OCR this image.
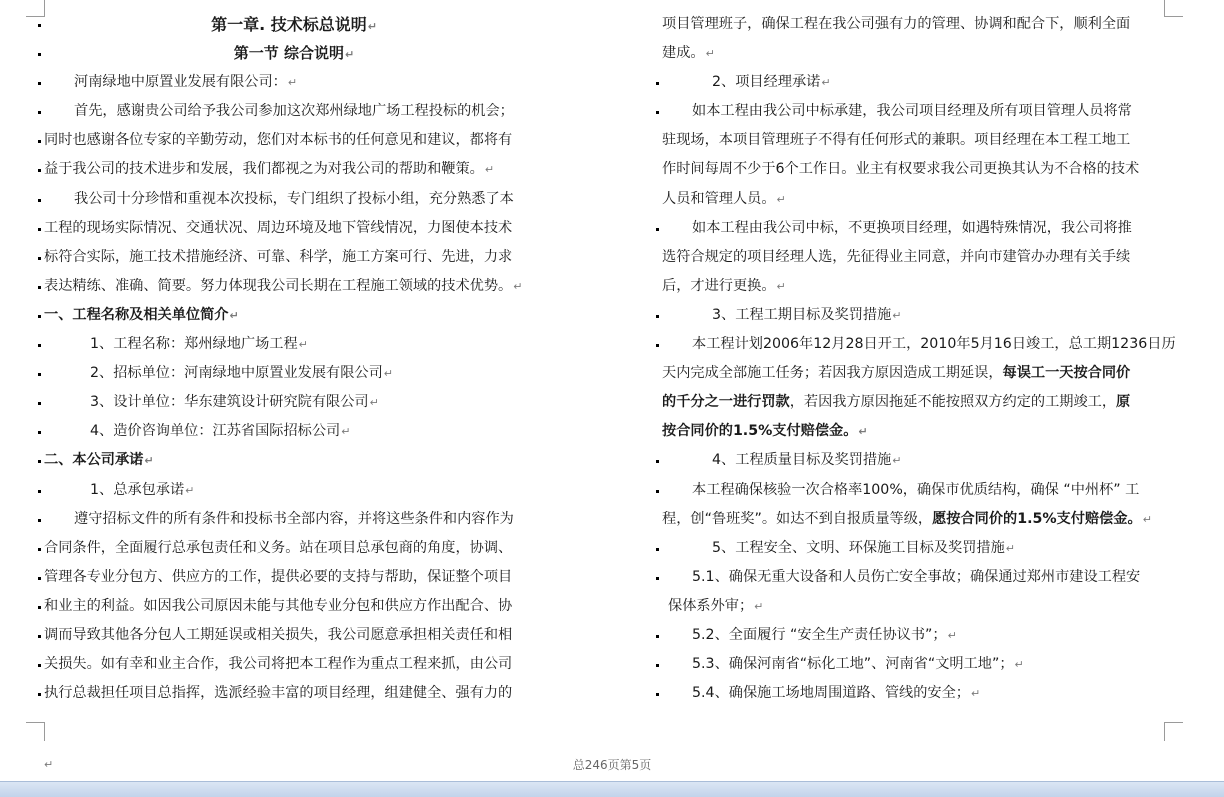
第一章. 技术标总说明↵
第一节 综合说明↵
河南绿地中原置业发展有限公司：↵
首先，感谢贵公司给予我公司参加这次郑州绿地广场工程投标的机会；
同时也感谢各位专家的辛勤劳动，您们对本标书的任何意见和建议，都将有
益于我公司的技术进步和发展，我们都视之为对我公司的帮助和鞭策。↵
我公司十分珍惜和重视本次投标，专门组织了投标小组，充分熟悉了本
工程的现场实际情况、交通状况、周边环境及地下管线情况，力图使本技术
标符合实际，施工技术措施经济、可靠、科学，施工方案可行、先进，力求
表达精练、准确、简要。努力体现我公司长期在工程施工领域的技术优势。↵
一、工程名称及相关单位简介↵
1、工程名称：郑州绿地广场工程↵
2、招标单位：河南绿地中原置业发展有限公司↵
3、设计单位：华东建筑设计研究院有限公司↵
4、造价咨询单位：江苏省国际招标公司↵
二、本公司承诺↵
1、总承包承诺↵
遵守招标文件的所有条件和投标书全部内容，并将这些条件和内容作为
合同条件，全面履行总承包责任和义务。站在项目总承包商的角度，协调、
管理各专业分包方、供应方的工作，提供必要的支持与帮助，保证整个项目
和业主的利益。如因我公司原因未能与其他专业分包和供应方作出配合、协
调而导致其他各分包人工期延误或相关损失，我公司愿意承担相关责任和相
关损失。如有幸和业主合作，我公司将把本工程作为重点工程来抓，由公司
执行总裁担任项目总指挥，选派经验丰富的项目经理，组建健全、强有力的
项目管理班子，确保工程在我公司强有力的管理、协调和配合下，顺利全面
建成。↵
2、项目经理承诺↵
如本工程由我公司中标承建，我公司项目经理及所有项目管理人员将常
驻现场，本项目管理班子不得有任何形式的兼职。项目经理在本工程工地工
作时间每周不少于6个工作日。业主有权要求我公司更换其认为不合格的技术
人员和管理人员。↵
如本工程由我公司中标，不更换项目经理，如遇特殊情况，我公司将推
选符合规定的项目经理人选，先征得业主同意，并向市建管办办理有关手续
后，才进行更换。↵
3、工程工期目标及奖罚措施↵
本工程计划2006年12月28日开工，2010年5月16日竣工，总工期1236日历
天内完成全部施工任务；若因我方原因造成工期延误，每误工一天按合同价
的千分之一进行罚款，若因我方原因拖延不能按照双方约定的工期竣工，原
按合同价的1.5%支付赔偿金。↵
4、工程质量目标及奖罚措施↵
本工程确保核验一次合格率100%，确保市优质结构，确保 “中州杯” 工
程，创“鲁班奖”。如达不到自报质量等级，愿按合同价的1.5%支付赔偿金。↵
5、工程安全、文明、环保施工目标及奖罚措施↵
5.1、确保无重大设备和人员伤亡安全事故；确保通过郑州市建设工程安
保体系外审；↵
5.2、全面履行 “安全生产责任协议书”；↵
5.3、确保河南省“标化工地”、河南省“文明工地”；↵
5.4、确保施工场地周围道路、管线的安全；↵
↵	总246页第5页
